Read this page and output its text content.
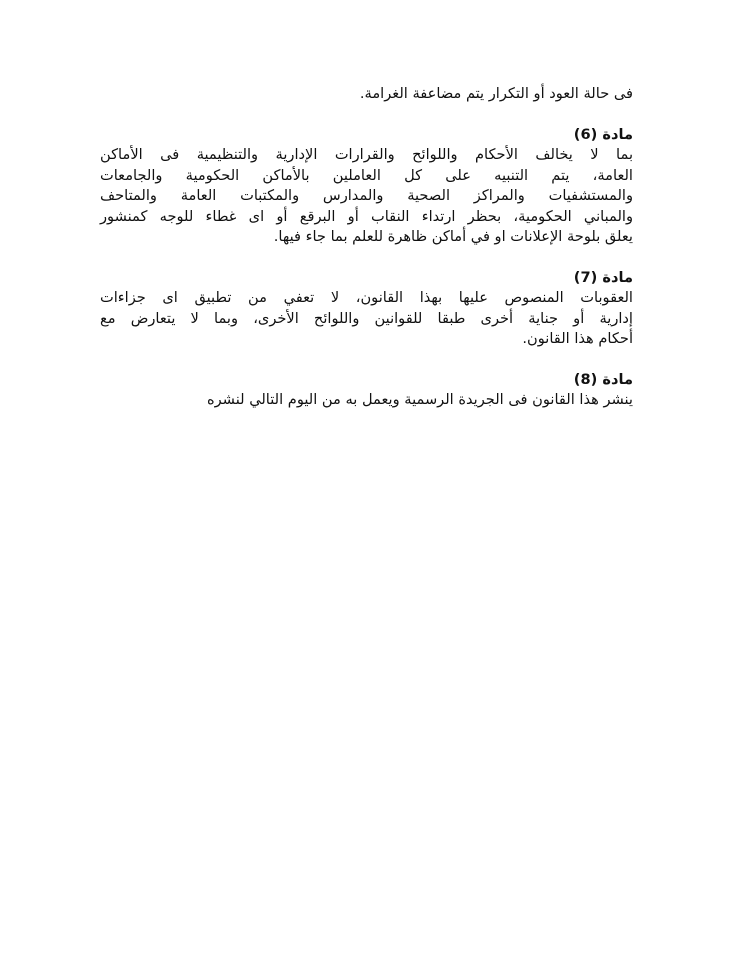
فى حالة العود أو التكرار يتم مضاعفة الغرامة.

مادة (6)

بما لا يخالف الأحكام واللوائح والقرارات الإدارية والتنظيمية فى الأماكن
العامة، يتم التنبيه على كل العاملين بالأماكن الحكومية والجامعات
والمستشفيات والمراكز الصحية والمدارس والمكتبات العامة والمتاحف
والمباني الحكومية، بحظر ارتداء النقاب أو البرقع أو اى غطاء للوجه كمنشور
يعلق بلوحة الإعلانات او في أماكن ظاهرة للعلم بما جاء فيها.

مادة (7)

العقوبات المنصوص عليها بهذا القانون، لا تعفي من تطبيق اى جزاءات
إدارية أو جناية أخرى طبقا للقوانين واللوائح الأخرى، وبما لا يتعارض مع
أحكام هذا القانون.

مادة (8)

ينشر هذا القانون فى الجريدة الرسمية ويعمل به من اليوم التالي لنشره
